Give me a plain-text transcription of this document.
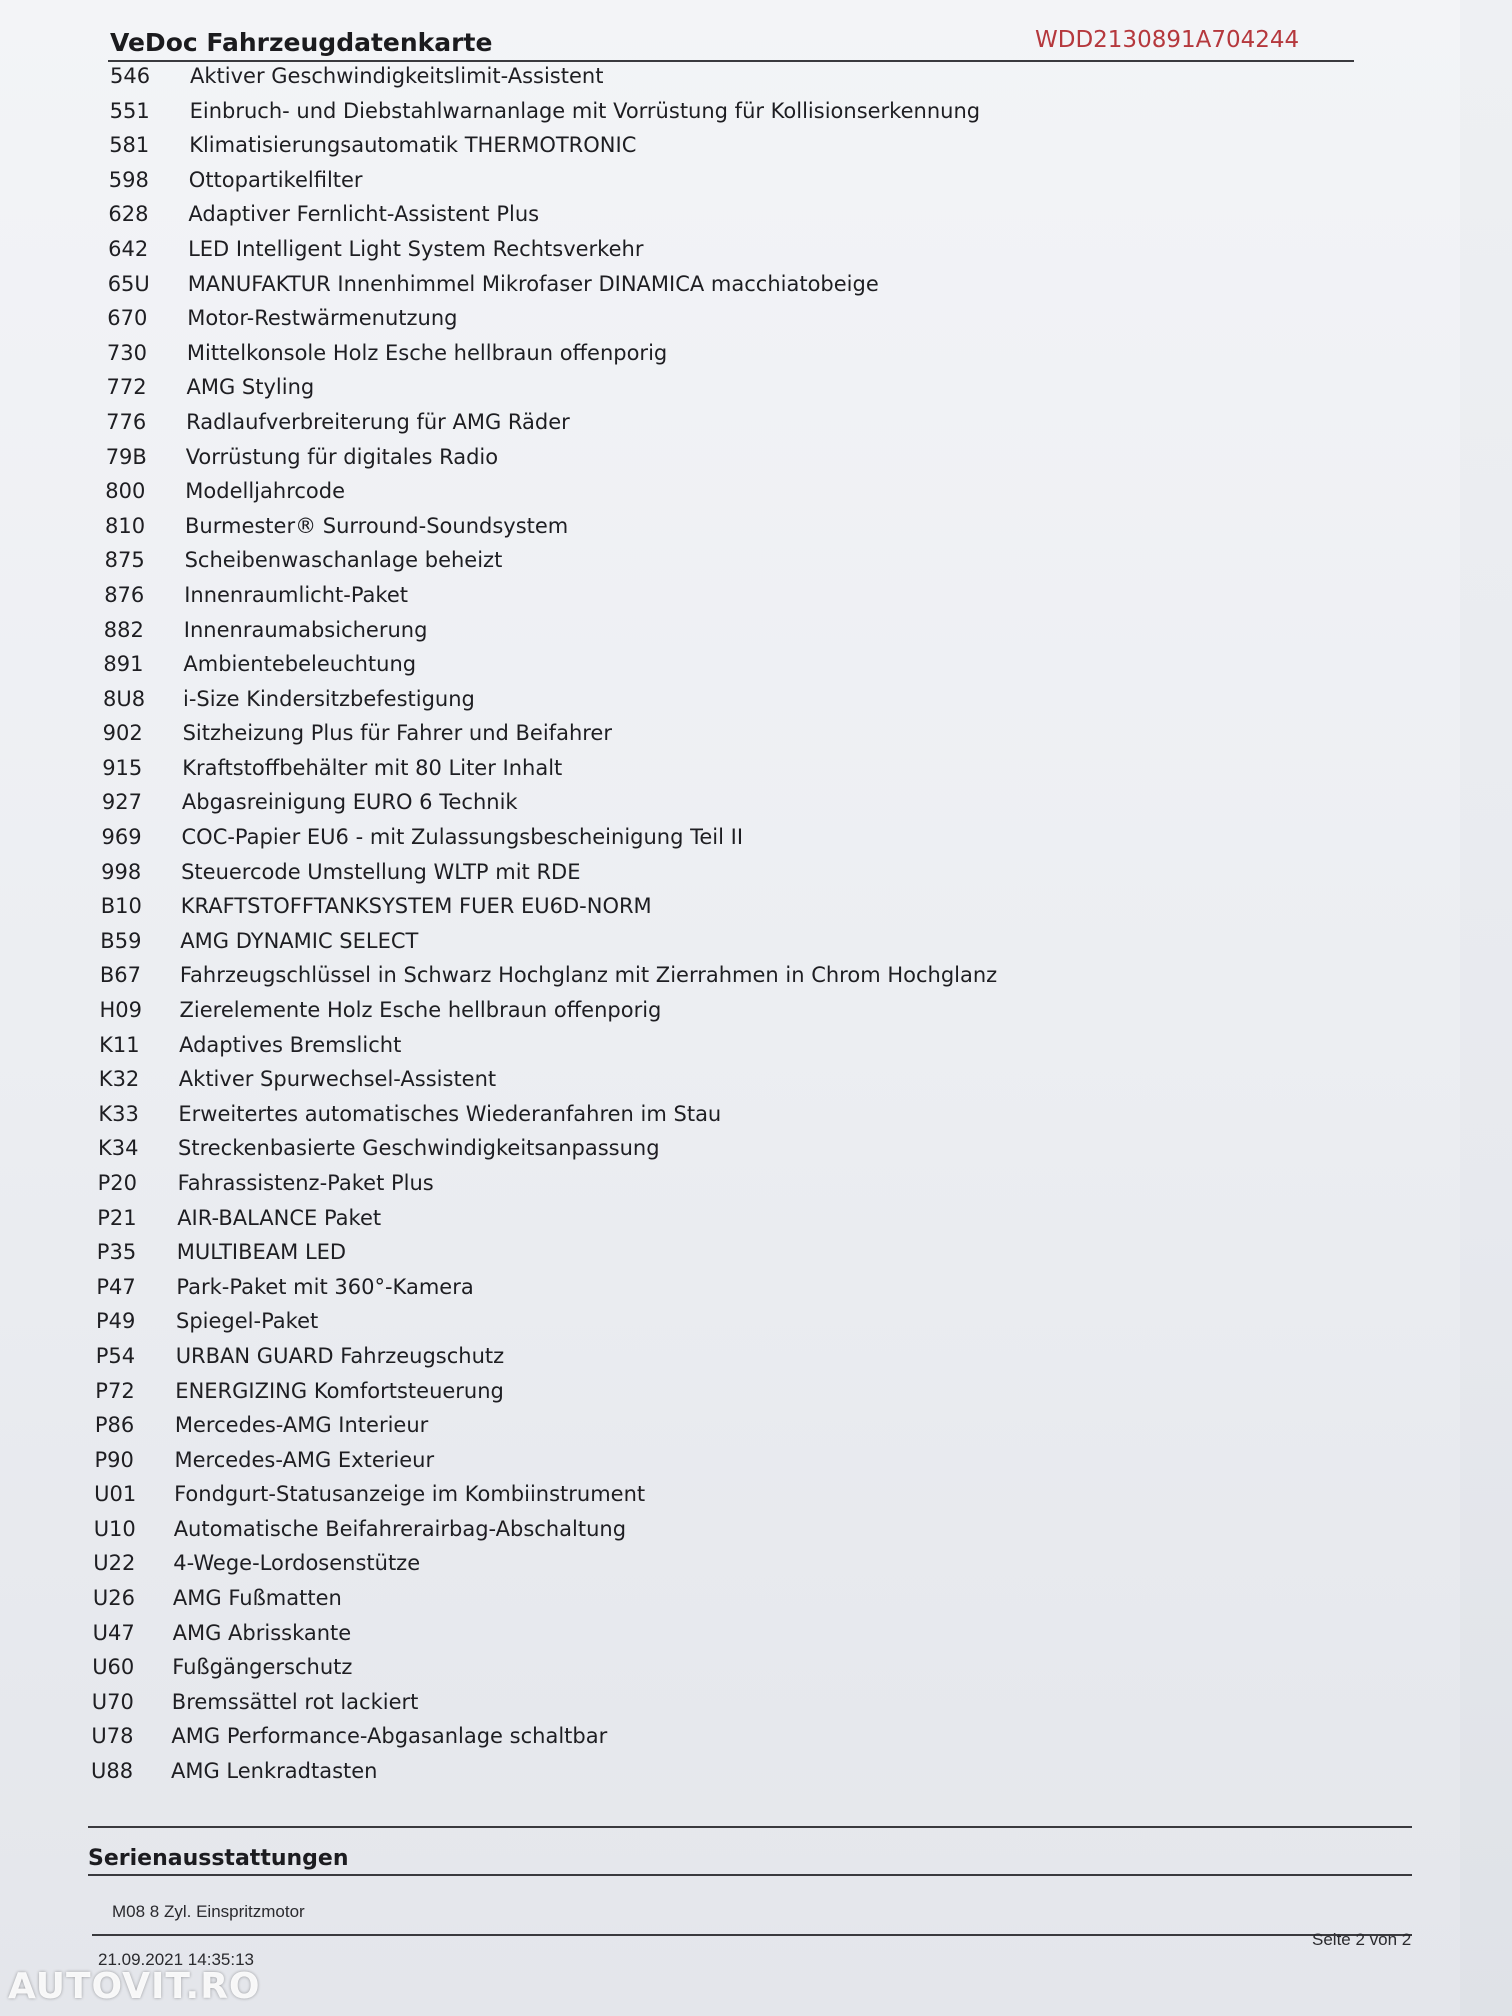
VeDoc Fahrzeugdatenkarte	WDD2130891A704244
546	Aktiver Geschwindigkeitslimit-Assistent
551	Einbruch- und Diebstahlwarnanlage mit Vorrüstung für Kollisionserkennung
581	Klimatisierungsautomatik THERMOTRONIC
598	Ottopartikelfilter
628	Adaptiver Fernlicht-Assistent Plus
642	LED Intelligent Light System Rechtsverkehr
65U	MANUFAKTUR Innenhimmel Mikrofaser DINAMICA macchiatobeige
670	Motor-Restwärmenutzung
730	Mittelkonsole Holz Esche hellbraun offenporig
772	AMG Styling
776	Radlaufverbreiterung für AMG Räder
79B	Vorrüstung für digitales Radio
800	Modelljahrcode
810	Burmester® Surround-Soundsystem
875	Scheibenwaschanlage beheizt
876	Innenraumlicht-Paket
882	Innenraumabsicherung
891	Ambientebeleuchtung
8U8	i-Size Kindersitzbefestigung
902	Sitzheizung Plus für Fahrer und Beifahrer
915	Kraftstoffbehälter mit 80 Liter Inhalt
927	Abgasreinigung EURO 6 Technik
969	COC-Papier EU6 - mit Zulassungsbescheinigung Teil II
998	Steuercode Umstellung WLTP mit RDE
B10	KRAFTSTOFFTANKSYSTEM FUER EU6D-NORM
B59	AMG DYNAMIC SELECT
B67	Fahrzeugschlüssel in Schwarz Hochglanz mit Zierrahmen in Chrom Hochglanz
H09	Zierelemente Holz Esche hellbraun offenporig
K11	Adaptives Bremslicht
K32	Aktiver Spurwechsel-Assistent
K33	Erweitertes automatisches Wiederanfahren im Stau
K34	Streckenbasierte Geschwindigkeitsanpassung
P20	Fahrassistenz-Paket Plus
P21	AIR-BALANCE Paket
P35	MULTIBEAM LED
P47	Park-Paket mit 360°-Kamera
P49	Spiegel-Paket
P54	URBAN GUARD Fahrzeugschutz
P72	ENERGIZING Komfortsteuerung
P86	Mercedes-AMG Interieur
P90	Mercedes-AMG Exterieur
U01	Fondgurt-Statusanzeige im Kombiinstrument
U10	Automatische Beifahrerairbag-Abschaltung
U22	4-Wege-Lordosenstütze
U26	AMG Fußmatten
U47	AMG Abrisskante
U60	Fußgängerschutz
U70	Bremssättel rot lackiert
U78	AMG Performance-Abgasanlage schaltbar
U88	AMG Lenkradtasten
Serienausstattungen
M08 8 Zyl. Einspritzmotor
21.09.2021 14:35:13
Seite 2 von 2
AUTOVIT.RO
